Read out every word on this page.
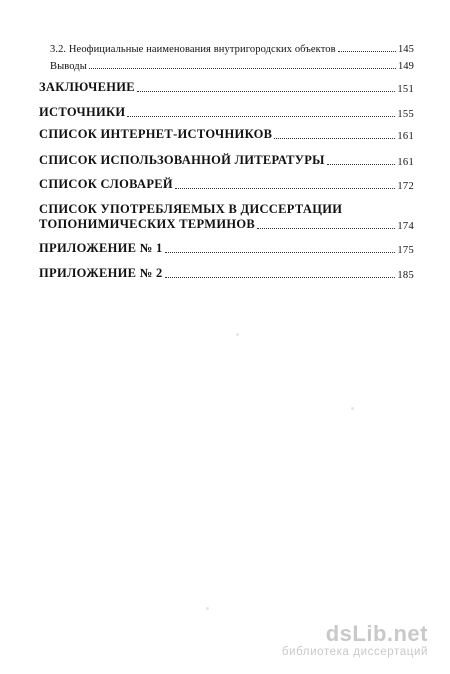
3.2. Неофициальные наименования внутригородских объектов	145
Выводы	149
ЗАКЛЮЧЕНИЕ	151
ИСТОЧНИКИ	155
СПИСОК ИНТЕРНЕТ-ИСТОЧНИКОВ	161
СПИСОК ИСПОЛЬЗОВАННОЙ ЛИТЕРАТУРЫ	161
СПИСОК СЛОВАРЕЙ	172
СПИСОК УПОТРЕБЛЯЕМЫХ В ДИССЕРТАЦИИ
ТОПОНИМИЧЕСКИХ ТЕРМИНОВ	174
ПРИЛОЖЕНИЕ № 1	175
ПРИЛОЖЕНИЕ № 2	185
dsLib.net
библиотека диссертаций
